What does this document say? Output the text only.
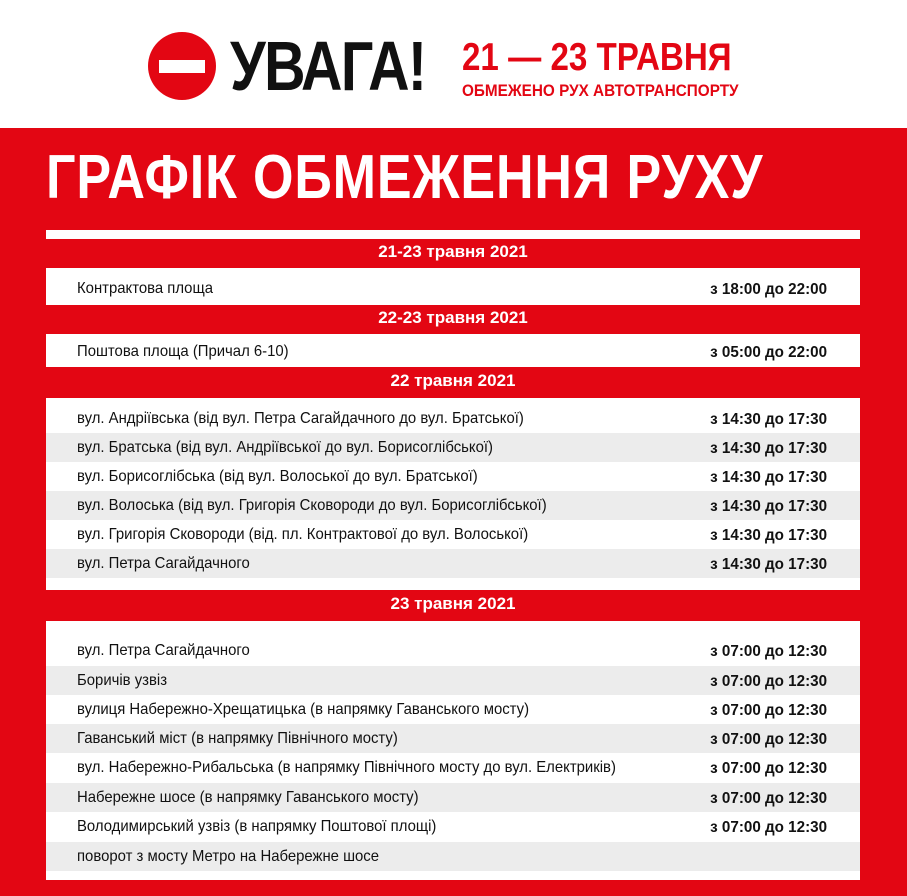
УВАГА! 21 — 23 ТРАВНЯ
ОБМЕЖЕНО РУХ АВТОТРАНСПОРТУ
ГРАФІК ОБМЕЖЕННЯ РУХУ
21-23 травня 2021
Контрактова площа	з 18:00 до 22:00
22-23 травня 2021
Поштова площа (Причал 6-10)	з 05:00 до 22:00
22 травня 2021
вул. Андріївська (від вул. Петра Сагайдачного до вул. Братської)	з 14:30 до 17:30
вул. Братська (від вул. Андріївської до вул. Борисоглібської)	з 14:30 до 17:30
вул. Борисоглібська (від вул. Волоської до вул. Братської)	з 14:30 до 17:30
вул. Волоська (від вул. Григорія Сковороди до вул. Борисоглібської)	з 14:30 до 17:30
вул. Григорія Сковороди (від. пл. Контрактової до вул. Волоської)	з 14:30 до 17:30
вул. Петра Сагайдачного	з 14:30 до 17:30
23 травня 2021
вул. Петра Сагайдачного	з 07:00 до 12:30
Боричів узвіз	з 07:00 до 12:30
вулиця Набережно-Хрещатицька (в напрямку Гаванського мосту)	з 07:00 до 12:30
Гаванський міст (в напрямку Північного мосту)	з 07:00 до 12:30
вул. Набережно-Рибальська (в напрямку Північного мосту до вул. Електриків)	з 07:00 до 12:30
Набережне шосе (в напрямку Гаванського мосту)	з 07:00 до 12:30
Володимирський узвіз (в напрямку Поштової площі)	з 07:00 до 12:30
поворот з мосту Метро на Набережне шосе
